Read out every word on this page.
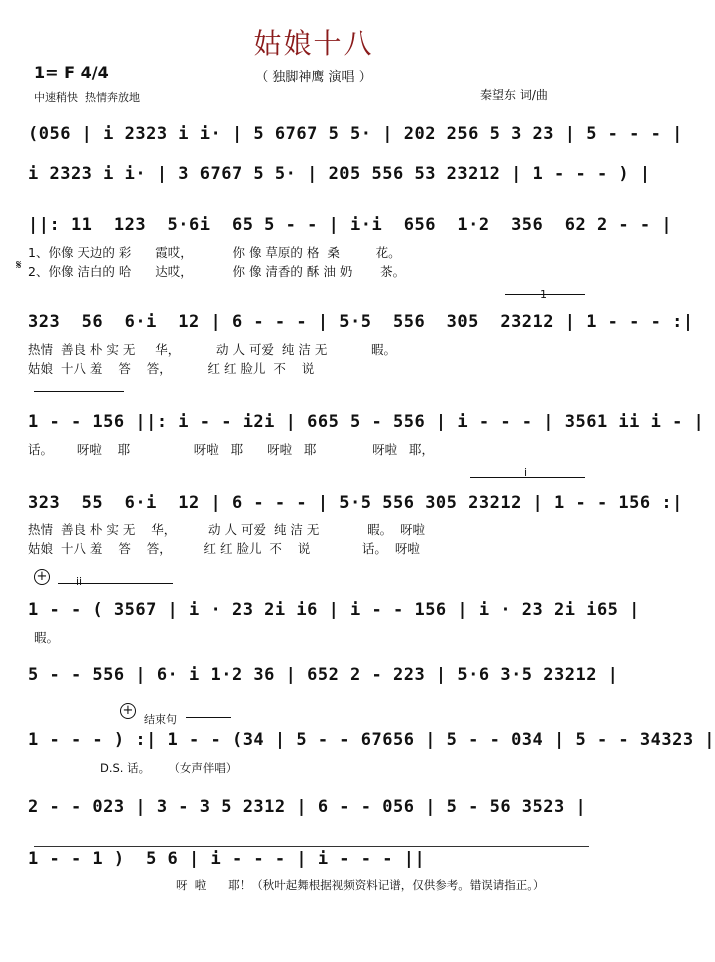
姑娘十八
（ 独脚神鹰 演唱 ）
1= F 4/4
中速稍快  热情奔放地	秦望东 词/曲
(056 | i 2323 i i· | 5 6767 5 5· | 202 256 5 3 23 | 5 - - - |
i 2323 i i· | 3 6767 5 5· | 205 556 53 23212 | 1 - - - ) |
||: 11  123  5·6i  65 5 - - | i·i  656  1·2  356  62 2 - - |
1、你像 天边的 彩      霞哎，          你 像 草原的 格  桑         花。
𝄋 2、你像 洁白的 哈      达哎，          你 像 清香的 酥 油 奶       茶。
1
323  56  6·i  12 | 6 - - - | 5·5  556  305  23212 | 1 - - - :|
热情  善良 朴 实 无     华，         动 人 可爱  纯 洁 无           暇。
姑娘  十八 羞    答    答，         红 红 脸儿  不    说
1 - - 156 ||: i - - i2i | 665 5 - 556 | i - - - | 3561 ii i - |
话。      呀啦    耶                呀啦   耶      呀啦   耶              呀啦   耶，
i
323  55  6·i  12 | 6 - - - | 5·5 556 305 23212 | 1 - - 156 :|
热情  善良 朴 实 无    华，        动 人 可爱  纯 洁 无            暇。  呀啦
姑娘  十八 羞    答    答，        红 红 脸儿  不    说             话。  呀啦
+	ii
1 - - ( 3567 | i · 23 2i i6 | i - - 156 | i · 23 2i i65 |
暇。
5 - - 556 | 6· i 1·2 36 | 652 2 - 223 | 5·6 3·5 23212 |
+
结束句
1 - - - ) :| 1 - - (34 | 5 - - 67656 | 5 - - 034 | 5 - - 34323 |
D.S. 话。     （女声伴唱）
2 - - 023 | 3 - 3 5 2312 | 6 - - 056 | 5 - 56 3523 |
1 - - 1 )  5 6 | i - - - | i - - - ||
呀  啦      耶！（秋叶起舞根据视频资料记谱，仅供参考。错误请指正。）
